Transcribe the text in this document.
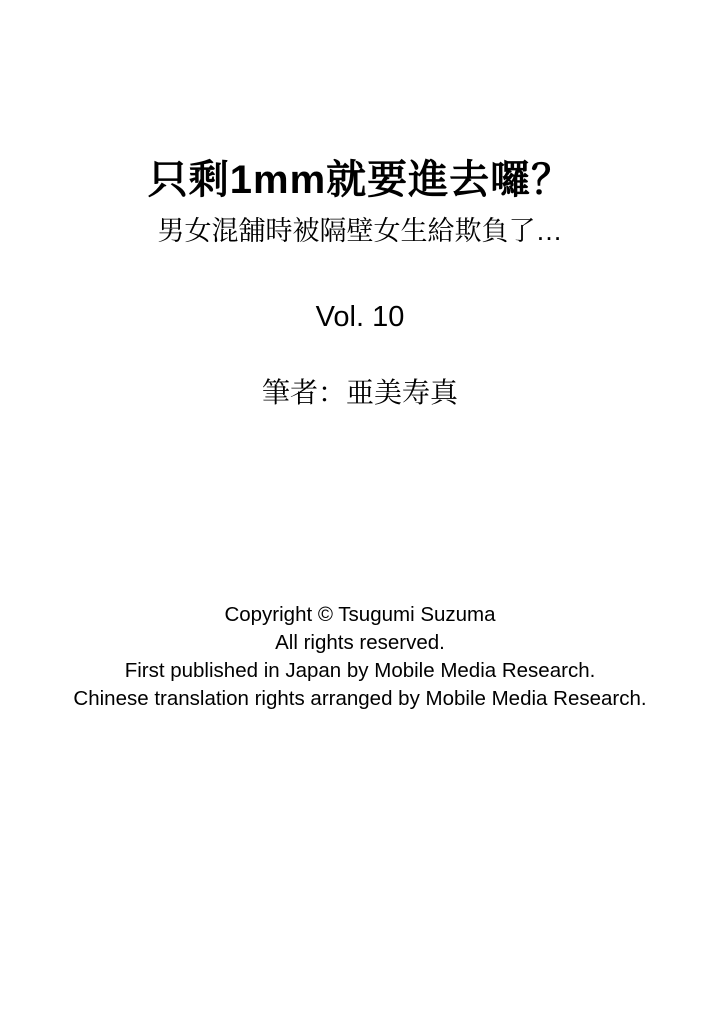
只剩1mm就要進去囉？
男女混舖時被隔壁女生給欺負了…
Vol. 10
筆者：亜美寿真
Copyright © Tsugumi Suzuma
All rights reserved.
First published in Japan by Mobile Media Research.
Chinese translation rights arranged by Mobile Media Research.
